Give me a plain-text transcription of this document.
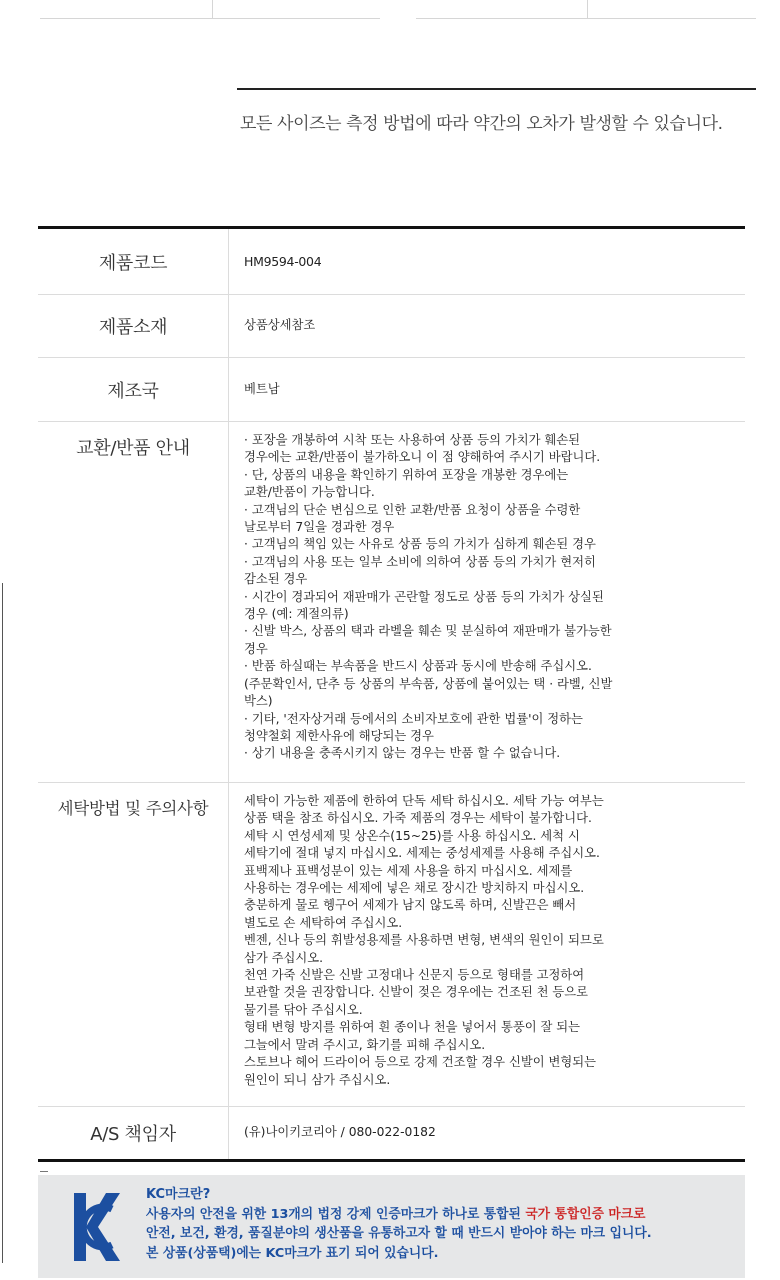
모든 사이즈는 측정 방법에 따라 약간의 오차가 발생할 수 있습니다.
제품코드	HM9594-004
제품소재	상품상세참조
제조국	베트남
교환/반품 안내	· 포장을 개봉하여 시착 또는 사용하여 상품 등의 가치가 훼손된

경우에는 교환/반품이 불가하오니 이 점 양해하여 주시기 바랍니다.

· 단, 상품의 내용을 확인하기 위하여 포장을 개봉한 경우에는

교환/반품이 가능합니다.

· 고객님의 단순 변심으로 인한 교환/반품 요청이 상품을 수령한

날로부터 7일을 경과한 경우

· 고객님의 책임 있는 사유로 상품 등의 가치가 심하게 훼손된 경우

· 고객님의 사용 또는 일부 소비에 의하여 상품 등의 가치가 현저히

감소된 경우

· 시간이 경과되어 재판매가 곤란할 정도로 상품 등의 가치가 상실된

경우 (예: 계절의류)

· 신발 박스, 상품의 택과 라벨을 훼손 및 분실하여 재판매가 불가능한

경우

· 반품 하실때는 부속품을 반드시 상품과 동시에 반송해 주십시오.

(주문확인서, 단추 등 상품의 부속품, 상품에 붙어있는 택 · 라벨, 신발

박스)

· 기타, '전자상거래 등에서의 소비자보호에 관한 법률'이 정하는

청약철회 제한사유에 해당되는 경우

· 상기 내용을 충족시키지 않는 경우는 반품 할 수 없습니다.

세탁방법 및 주의사항	세탁이 가능한 제품에 한하여 단독 세탁 하십시오. 세탁 가능 여부는

상품 택을 참조 하십시오. 가죽 제품의 경우는 세탁이 불가합니다.

세탁 시 연성세제 및 상온수(15~25)를 사용 하십시오. 세척 시

세탁기에 절대 넣지 마십시오. 세제는 중성세제를 사용해 주십시오.

표백제나 표백성분이 있는 세제 사용을 하지 마십시오. 세제를

사용하는 경우에는 세제에 넣은 채로 장시간 방치하지 마십시오.

충분하게 물로 헹구어 세제가 남지 않도록 하며, 신발끈은 빼서

별도로 손 세탁하여 주십시오.

벤젠, 신나 등의 휘발성용제를 사용하면 변형, 변색의 원인이 되므로

삼가 주십시오.

천연 가죽 신발은 신발 고정대나 신문지 등으로 형태를 고정하여

보관할 것을 권장합니다. 신발이 젖은 경우에는 건조된 천 등으로

물기를 닦아 주십시오.

형태 변형 방지를 위하여 흰 종이나 천을 넣어서 통풍이 잘 되는

그늘에서 말려 주시고, 화기를 피해 주십시오.

스토브나 헤어 드라이어 등으로 강제 건조할 경우 신발이 변형되는

원인이 되니 삼가 주십시오.

A/S 책임자	(유)나이키코리아 / 080-022-0182
KC
KC마크란?
사용자의 안전을 위한 13개의 법정 강제 인증마크가 하나로 통합된 국가 통합인증 마크로
안전, 보건, 환경, 품질분야의 생산품을 유통하고자 할 때 반드시 받아야 하는 마크 입니다.
본 상품(상품택)에는 KC마크가 표기 되어 있습니다.
